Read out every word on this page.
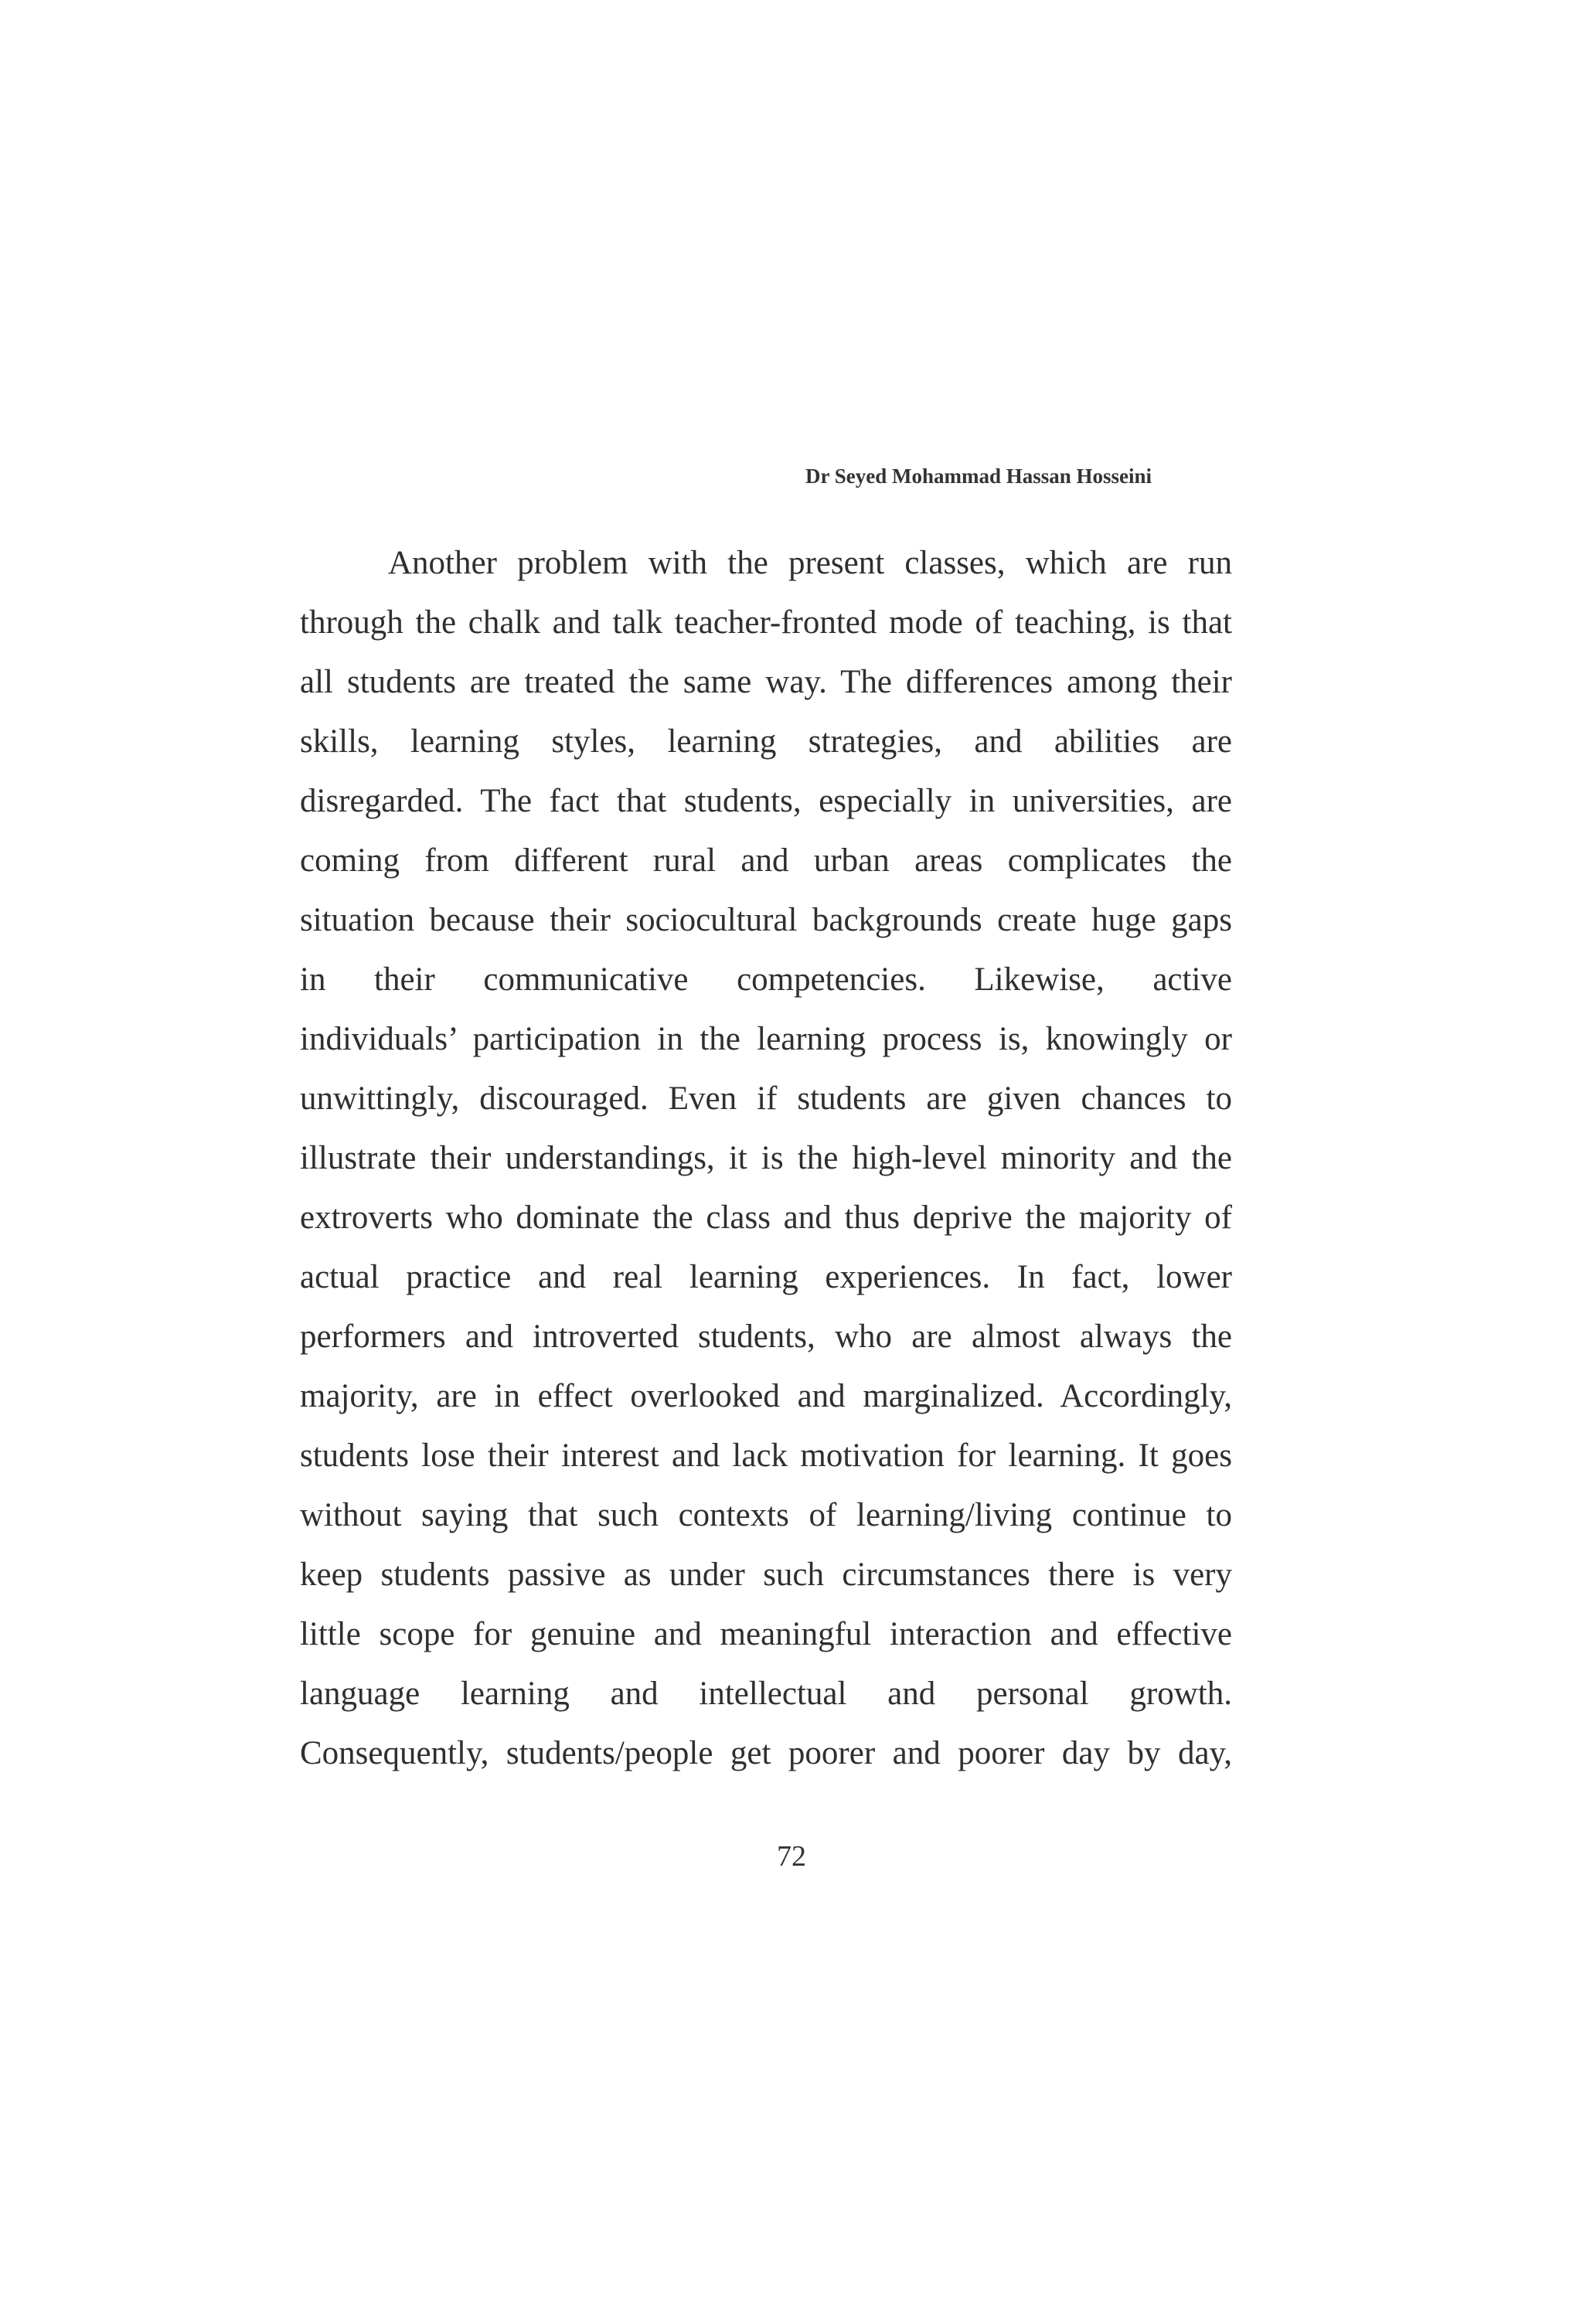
Dr Seyed Mohammad Hassan Hosseini
Another problem with the present classes, which are run
through the chalk and talk teacher-fronted mode of teaching, is that
all students are treated the same way. The differences among their
skills, learning styles, learning strategies, and abilities are
disregarded. The fact that students, especially in universities, are
coming from different rural and urban areas complicates the
situation because their sociocultural backgrounds create huge gaps
in their communicative competencies. Likewise, active
individuals’ participation in the learning process is, knowingly or
unwittingly, discouraged. Even if students are given chances to
illustrate their understandings, it is the high-level minority and the
extroverts who dominate the class and thus deprive the majority of
actual practice and real learning experiences. In fact, lower
performers and introverted students, who are almost always the
majority, are in effect overlooked and marginalized. Accordingly,
students lose their interest and lack motivation for learning. It goes
without saying that such contexts of learning/living continue to
keep students passive as under such circumstances there is very
little scope for genuine and meaningful interaction and effective
language learning and intellectual and personal growth.
Consequently, students/people get poorer and poorer day by day,
72
